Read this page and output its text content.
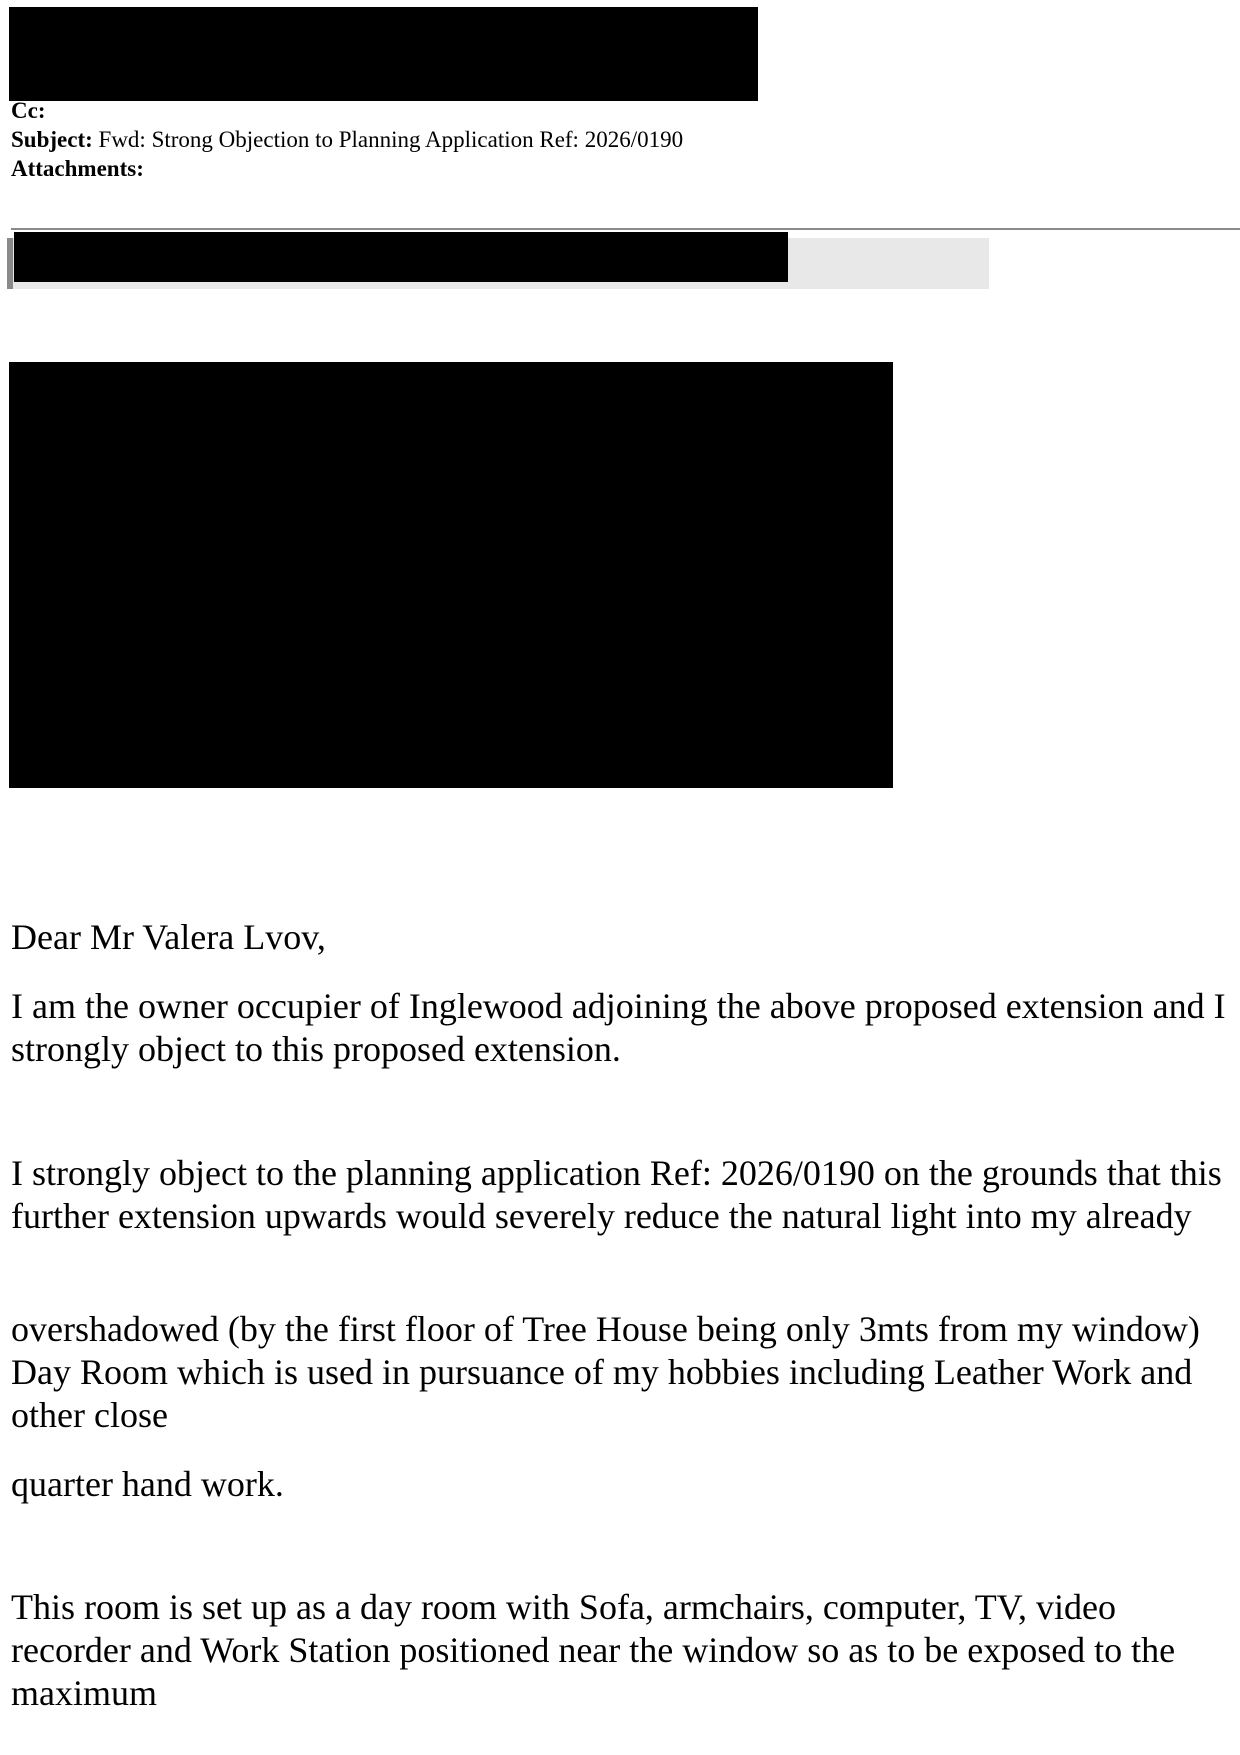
Cc:
Subject: Fwd: Strong Objection to Planning Application Ref: 2026/0190
Attachments:

Dear Mr Valera Lvov,

I am the owner occupier of Inglewood adjoining the above proposed extension and I strongly object to this proposed extension.

I strongly object to the planning application Ref: 2026/0190 on the grounds that this further extension upwards would severely reduce the natural light into my already

overshadowed (by the first floor of Tree House being only 3mts from my window) Day Room which is used in pursuance of my hobbies including Leather Work and other close

quarter hand work.

This room is set up as a day room with Sofa, armchairs, computer, TV, video recorder and Work Station positioned near the window so as to be exposed to the maximum
